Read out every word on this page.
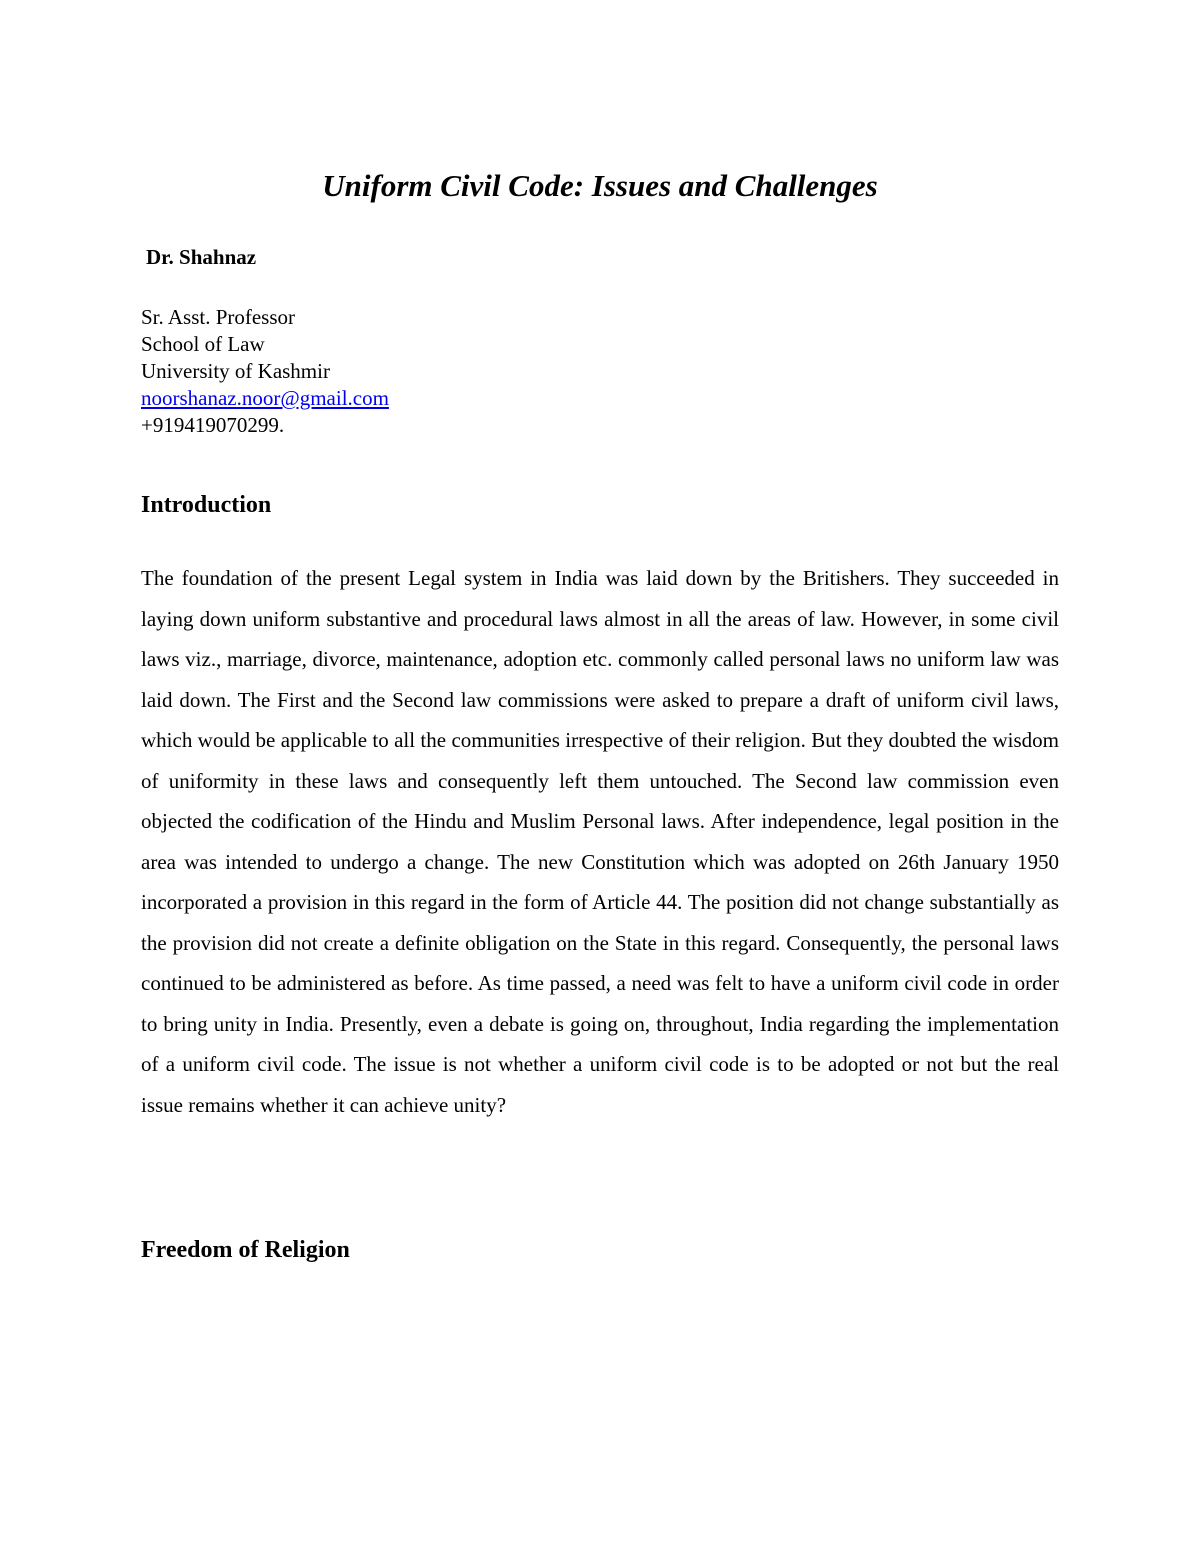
Uniform Civil Code: Issues and Challenges

Dr. Shahnaz

Sr. Asst. Professor
School of Law
University of Kashmir
noorshanaz.noor@gmail.com
+919419070299.
Introduction

The foundation of the present Legal system in India was laid down by the Britishers. They succeeded in laying down uniform substantive and procedural laws almost in all the areas of law. However, in some civil laws viz., marriage, divorce, maintenance, adoption etc. commonly called personal laws no uniform law was laid down. The First and the Second law commissions were asked to prepare a draft of uniform civil laws, which would be applicable to all the communities irrespective of their religion. But they doubted the wisdom of uniformity in these laws and consequently left them untouched. The Second law commission even objected the codification of the Hindu and Muslim Personal laws. After independence, legal position in the area was intended to undergo a change. The new Constitution which was adopted on 26th January 1950 incorporated a provision in this regard in the form of Article 44. The position did not change substantially as the provision did not create a definite obligation on the State in this regard. Consequently, the personal laws continued to be administered as before. As time passed, a need was felt to have a uniform civil code in order to bring unity in India. Presently, even a debate is going on, throughout, India regarding the implementation of a uniform civil code. The issue is not whether a uniform civil code is to be adopted or not but the real issue remains whether it can achieve unity?

Freedom of Religion
